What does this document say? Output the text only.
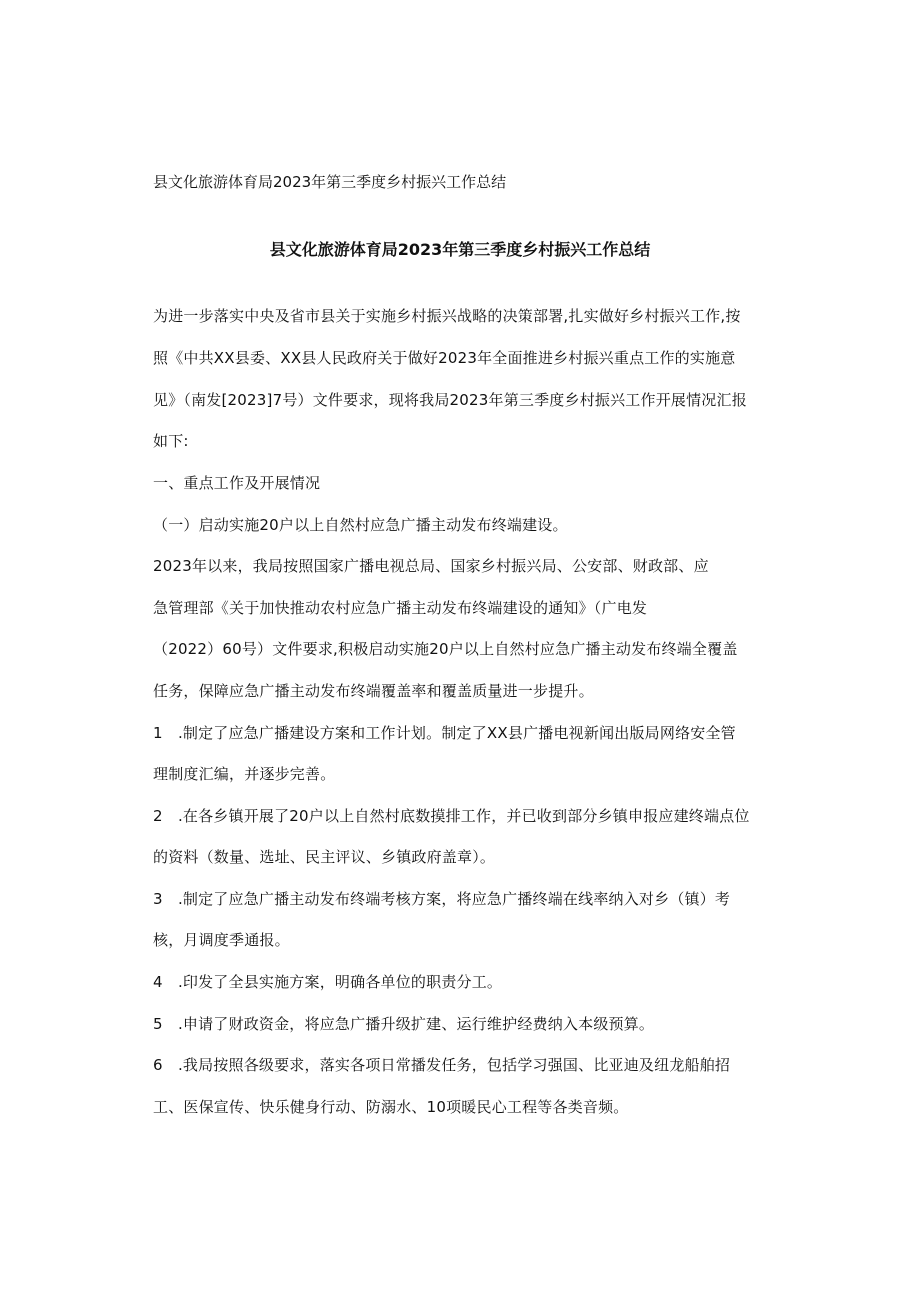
县文化旅游体育局2023年第三季度乡村振兴工作总结
县文化旅游体育局2023年第三季度乡村振兴工作总结
为进一步落实中央及省市县关于实施乡村振兴战略的决策部署,扎实做好乡村振兴工作,按
照《中共XX县委、XX县人民政府关于做好2023年全面推进乡村振兴重点工作的实施意
见》（南发[2023]7号）文件要求，现将我局2023年第三季度乡村振兴工作开展情况汇报
如下:
一、重点工作及开展情况
（一）启动实施20户以上自然村应急广播主动发布终端建设。
2023年以来，我局按照国家广播电视总局、国家乡村振兴局、公安部、财政部、应
急管理部《关于加快推动农村应急广播主动发布终端建设的通知》（广电发
（2022）60号）文件要求,积极启动实施20户以上自然村应急广播主动发布终端全覆盖
任务，保障应急广播主动发布终端覆盖率和覆盖质量进一步提升。
1　.制定了应急广播建设方案和工作计划。制定了XX县广播电视新闻出版局网络安全管
理制度汇编，并逐步完善。
2　.在各乡镇开展了20户以上自然村底数摸排工作，并已收到部分乡镇申报应建终端点位
的资料（数量、选址、民主评议、乡镇政府盖章）。
3　.制定了应急广播主动发布终端考核方案，将应急广播终端在线率纳入对乡（镇）考
核，月调度季通报。
4　.印发了全县实施方案，明确各单位的职责分工。
5　.申请了财政资金，将应急广播升级扩建、运行维护经费纳入本级预算。
6　.我局按照各级要求，落实各项日常播发任务，包括学习强国、比亚迪及纽龙船舶招
工、医保宣传、快乐健身行动、防溺水、10项暖民心工程等各类音频。
